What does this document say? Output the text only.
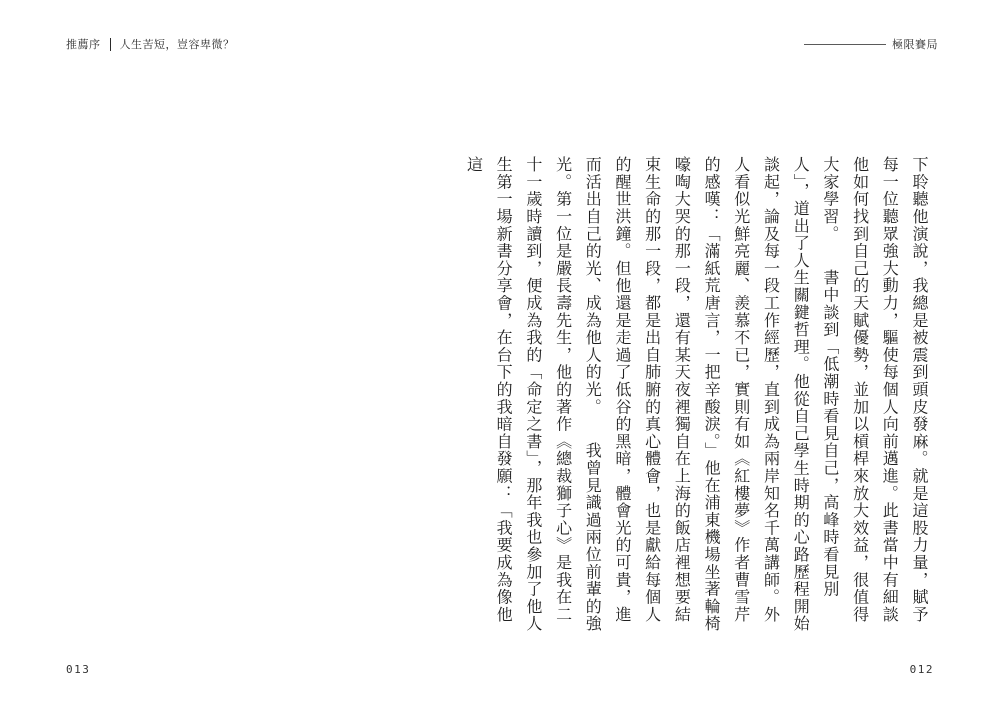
推薦序 人生苦短，豈容卑微？	極限賽局

下聆聽他演說，我總是被震到頭皮發麻。就是這股力量，賦予每一位聽眾強大動力，驅使每個人向前邁進。此書當中有細談他如何找到自己的天賦優勢，並加以槓桿來放大效益，很值得大家學習。　　書中談到「低潮時看見自己，高峰時看見別人」，道出了人生關鍵哲理。他從自己學生時期的心路歷程開始談起，論及每一段工作經歷，直到成為兩岸知名千萬講師。外人看似光鮮亮麗、羨慕不已，實則有如《紅樓夢》作者曹雪芹的感嘆：「滿紙荒唐言，一把辛酸淚。」他在浦東機場坐著輪椅嚎啕大哭的那一段，還有某天夜裡獨自在上海的飯店裡想要結束生命的那一段，都是出自肺腑的真心體會，也是獻給每個人的醒世洪鐘。但他還是走過了低谷的黑暗，體會光的可貴，進而活出自己的光、成為他人的光。　　我曾見識過兩位前輩的強光。第一位是嚴長壽先生，他的著作《總裁獅子心》是我在二十一歲時讀到，便成為我的「命定之書」，那年我也參加了他人生第一場新書分享會，在台下的我暗自發願：「我要成為像他這

013	012
